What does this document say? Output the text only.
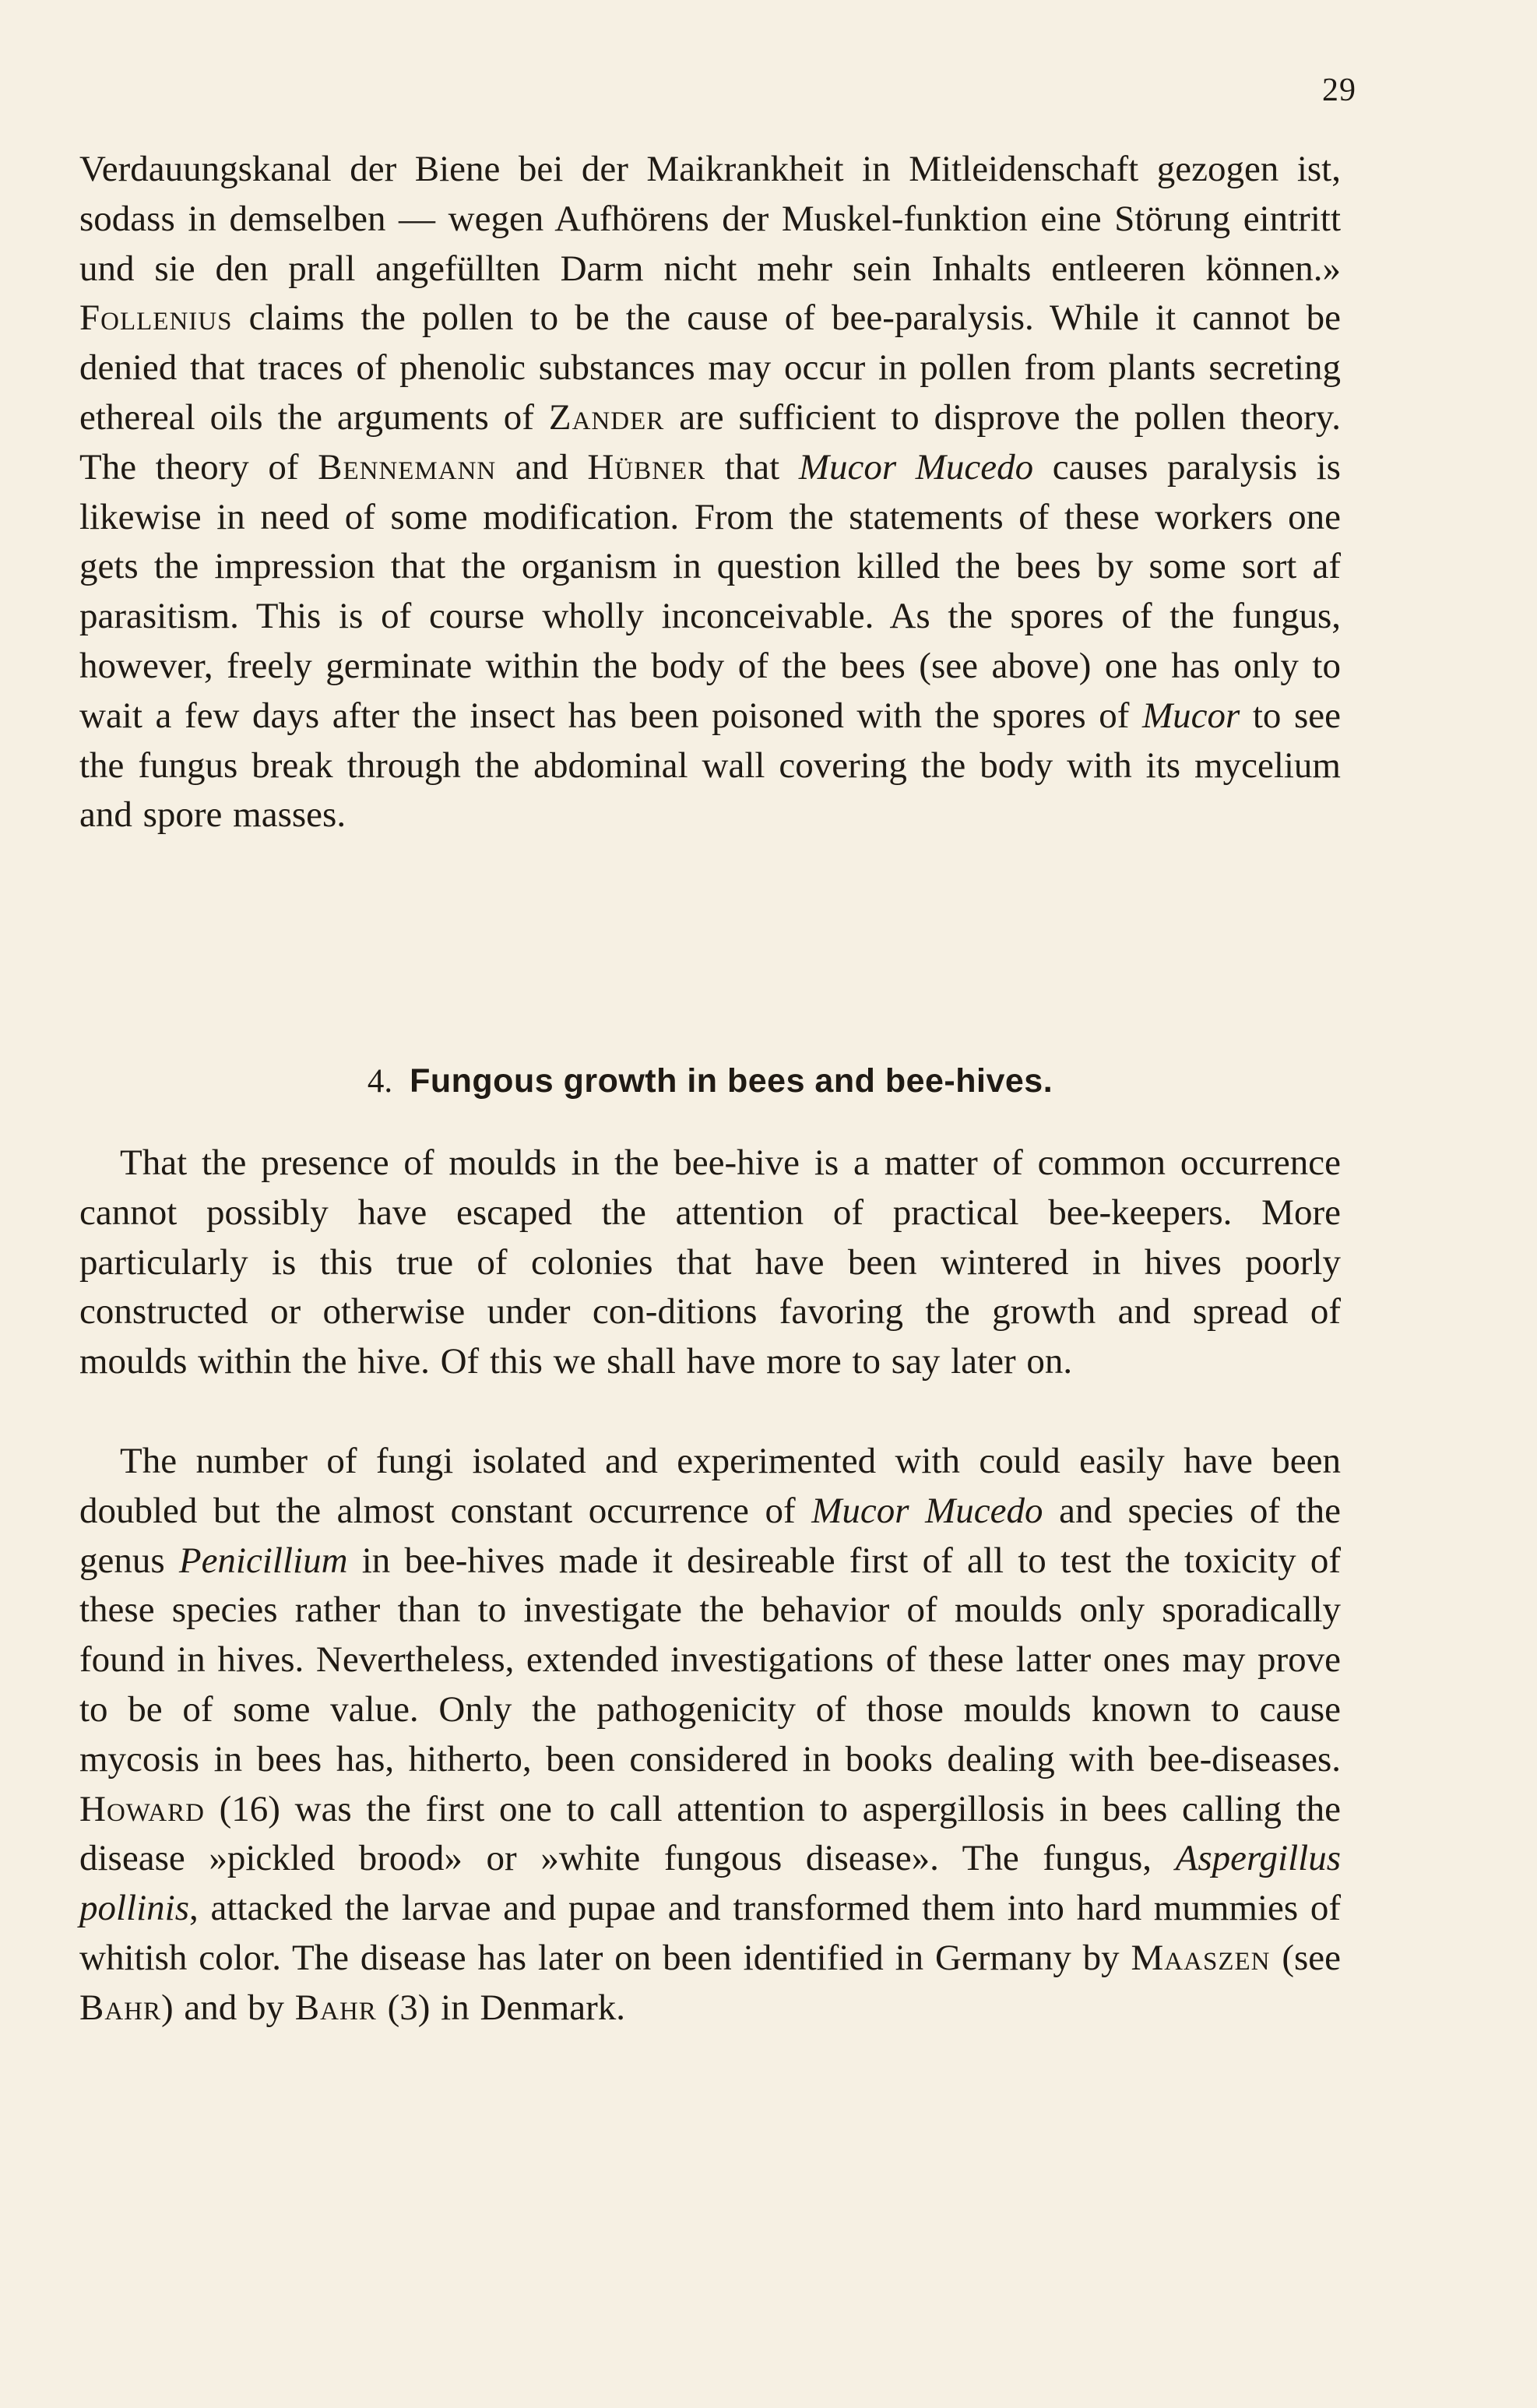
29

Verdauungskanal der Biene bei der Maikrankheit in Mitleidenschaft gezogen ist, sodass in demselben — wegen Aufhörens der Muskel-funktion eine Störung eintritt und sie den prall angefüllten Darm nicht mehr sein Inhalts entleeren können.» Follenius claims the pollen to be the cause of bee-paralysis. While it cannot be denied that traces of phenolic substances may occur in pollen from plants secreting ethereal oils the arguments of Zander are sufficient to disprove the pollen theory. The theory of Bennemann and Hübner that Mucor Mucedo causes paralysis is likewise in need of some modification. From the statements of these workers one gets the impression that the organism in question killed the bees by some sort af parasitism. This is of course wholly inconceivable. As the spores of the fungus, however, freely germinate within the body of the bees (see above) one has only to wait a few days after the insect has been poisoned with the spores of Mucor to see the fungus break through the abdominal wall covering the body with its mycelium and spore masses.

4. Fungous growth in bees and bee-hives.

That the presence of moulds in the bee-hive is a matter of common occurrence cannot possibly have escaped the attention of practical bee-keepers. More particularly is this true of colonies that have been wintered in hives poorly constructed or otherwise under con-ditions favoring the growth and spread of moulds within the hive. Of this we shall have more to say later on.

The number of fungi isolated and experimented with could easily have been doubled but the almost constant occurrence of Mucor Mucedo and species of the genus Penicillium in bee-hives made it desireable first of all to test the toxicity of these species rather than to investigate the behavior of moulds only sporadically found in hives. Nevertheless, extended investigations of these latter ones may prove to be of some value. Only the pathogenicity of those moulds known to cause mycosis in bees has, hitherto, been considered in books dealing with bee-diseases. Howard (16) was the first one to call attention to aspergillosis in bees calling the disease »pickled brood» or »white fungous disease». The fungus, Aspergillus pollinis, attacked the larvae and pupae and transformed them into hard mummies of whitish color. The disease has later on been identified in Germany by Maaszen (see Bahr) and by Bahr (3) in Denmark.
